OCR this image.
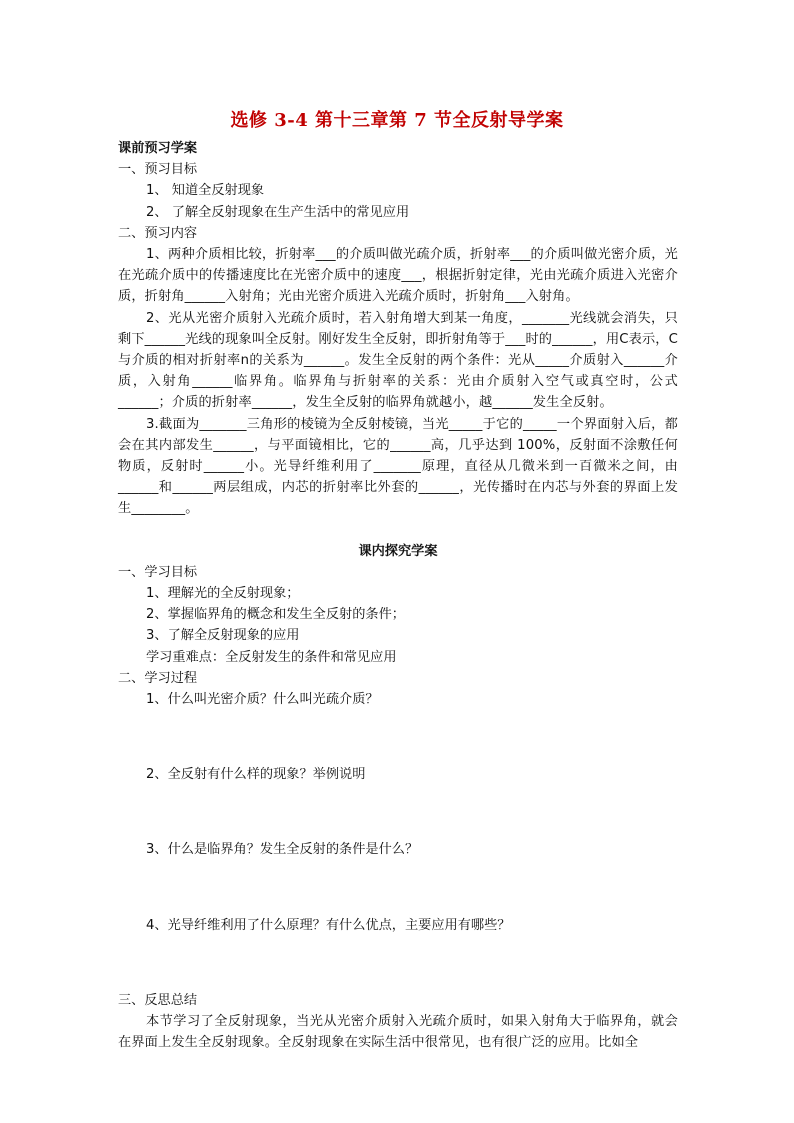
选修 3-4 第十三章第 7 节全反射导学案
课前预习学案
一、预习目标
1、 知道全反射现象
2、 了解全反射现象在生产生活中的常见应用
二、预习内容
1、两种介质相比较，折射率___的介质叫做光疏介质，折射率___的介质叫做光密介质，光在光疏介质中的传播速度比在光密介质中的速度___，根据折射定律，光由光疏介质进入光密介质，折射角______入射角；光由光密介质进入光疏介质时，折射角___入射角。
2、光从光密介质射入光疏介质时，若入射角增大到某一角度，_______光线就会消失，只剩下______光线的现象叫全反射。刚好发生全反射，即折射角等于___时的______，用C表示，C与介质的相对折射率n的关系为______。发生全反射的两个条件：光从_____介质射入______介质，入射角______临界角。临界角与折射率的关系：光由介质射入空气或真空时，公式______；介质的折射率______，发生全反射的临界角就越小，越______发生全反射。
3.截面为_______三角形的棱镜为全反射棱镜，当光_____于它的_____一个界面射入后，都会在其内部发生______，与平面镜相比，它的______高，几乎达到 100%，反射面不涂敷任何物质，反射时______小。光导纤维利用了_______原理，直径从几微米到一百微米之间，由______和______两层组成，内芯的折射率比外套的______，光传播时在内芯与外套的界面上发生________。
课内探究学案
一、学习目标
1、理解光的全反射现象；
2、掌握临界角的概念和发生全反射的条件；
3、了解全反射现象的应用
学习重难点：全反射发生的条件和常见应用
二、学习过程
1、什么叫光密介质？什么叫光疏介质？
2、全反射有什么样的现象？举例说明
3、什么是临界角？发生全反射的条件是什么？
4、光导纤维利用了什么原理？有什么优点，主要应用有哪些？
三、反思总结
本节学习了全反射现象，当光从光密介质射入光疏介质时，如果入射角大于临界角，就会在界面上发生全反射现象。全反射现象在实际生活中很常见，也有很广泛的应用。比如全
